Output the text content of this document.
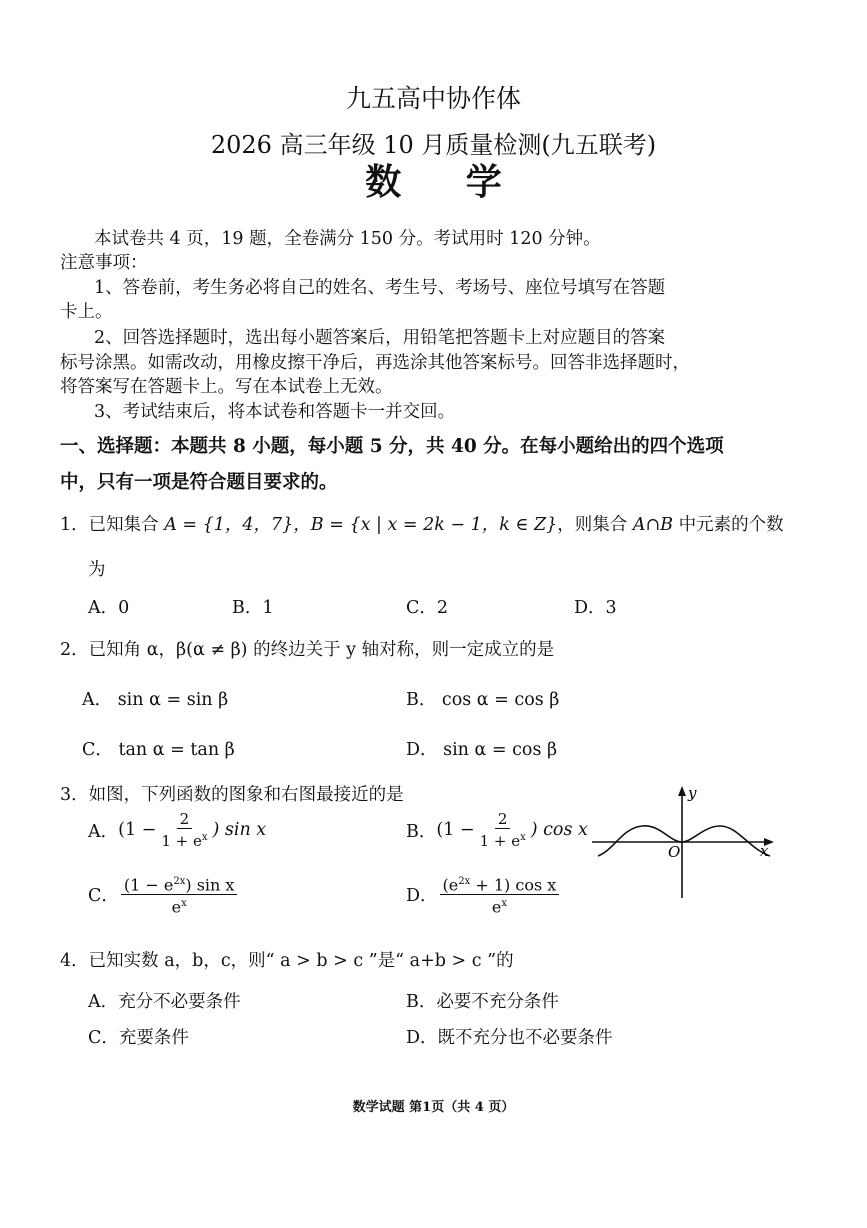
九五高中协作体
2026 高三年级 10 月质量检测(九五联考)
数 学
本试卷共 4 页，19 题，全卷满分 150 分。考试用时 120 分钟。
注意事项：
1、答卷前，考生务必将自己的姓名、考生号、考场号、座位号填写在答题
卡上。
2、回答选择题时，选出每小题答案后，用铅笔把答题卡上对应题目的答案
标号涂黑。如需改动，用橡皮擦干净后，再选涂其他答案标号。回答非选择题时，
将答案写在答题卡上。写在本试卷上无效。
3、考试结束后，将本试卷和答题卡一并交回。
一、选择题：本题共 8 小题，每小题 5 分，共 40 分。在每小题给出的四个选项
中，只有一项是符合题目要求的。
1．已知集合 A = {1，4，7}，B = {x | x = 2k − 1，k ∈ Z}，则集合 A∩B 中元素的个数
为
A．0	B．1	C．2	D．3
2．已知角 α，β(α ≠ β) 的终边关于 y 轴对称，则一定成立的是
A． sin α = sin β	B． cos α = cos β
C． tan α = tan β	D． sin α = cos β
3．如图，下列函数的图象和右图最接近的是
A． ($1 - \frac{2}{1 + e^x}$ ) sin x	B． ($1 - \frac{2}{1 + e^x}$ ) cos x
C． $\frac{(1 - e^{2x}) \sin x}{e^x}$	D． $\frac{(e^{2x} + 1) \cos x}{e^x}$
y
x
O
4．已知实数 a，b，c，则“ a > b > c ”是“ a+b > c ”的
A．充分不必要条件	B．必要不充分条件
C．充要条件	D．既不充分也不必要条件
数学试题 第1页（共 4 页）
